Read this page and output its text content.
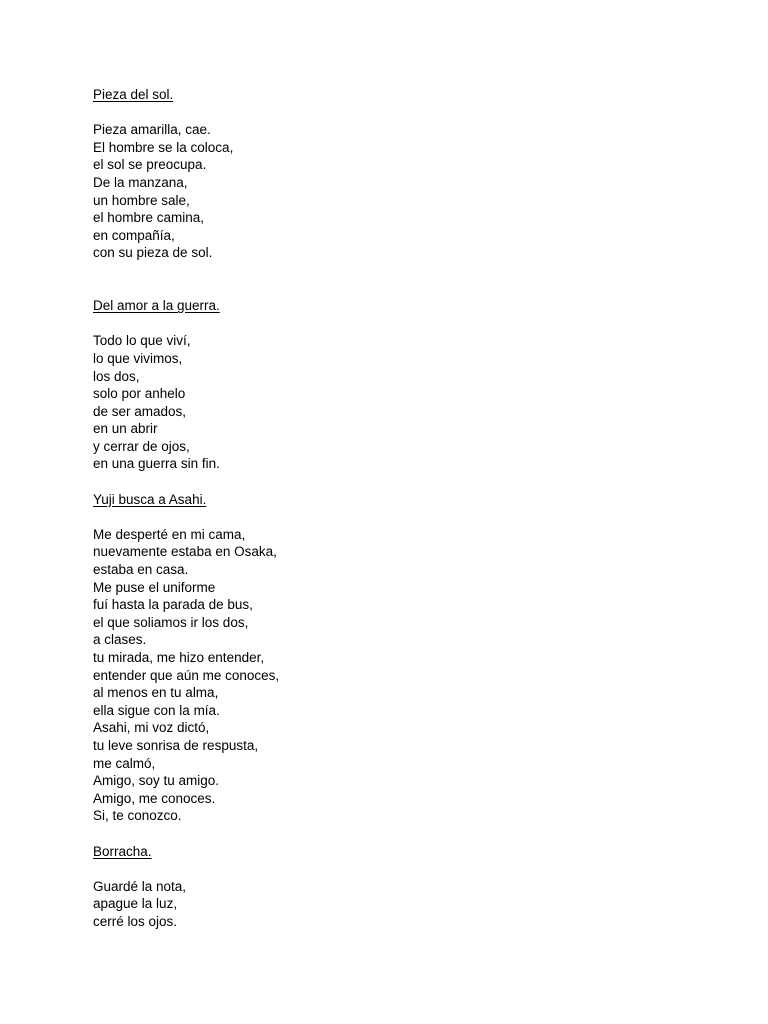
Pieza del sol.

Pieza amarilla, cae.

El hombre se la coloca,

el sol se preocupa.

De la manzana,

un hombre sale,

el hombre camina,

en compañía,

con su pieza de sol.

Del amor a la guerra.

Todo lo que viví,

lo que vivimos,

los dos,

solo por anhelo

de ser amados,

en un abrir

y cerrar de ojos,

en una guerra sin fin.

Yuji busca a Asahi.

Me desperté en mi cama,

nuevamente estaba en Osaka,

estaba en casa.

Me puse el uniforme

fuí hasta la parada de bus,

el que soliamos ir los dos,

a clases.

tu mirada, me hizo entender,

entender que aún me conoces,

al menos en tu alma,

ella sigue con la mía.

Asahi, mi voz dictó,

tu leve sonrisa de respusta,

me calmó,

Amigo, soy tu amigo.

Amigo, me conoces.

Si, te conozco.

Borracha.

Guardé la nota,

apague la luz,

cerré los ojos.
